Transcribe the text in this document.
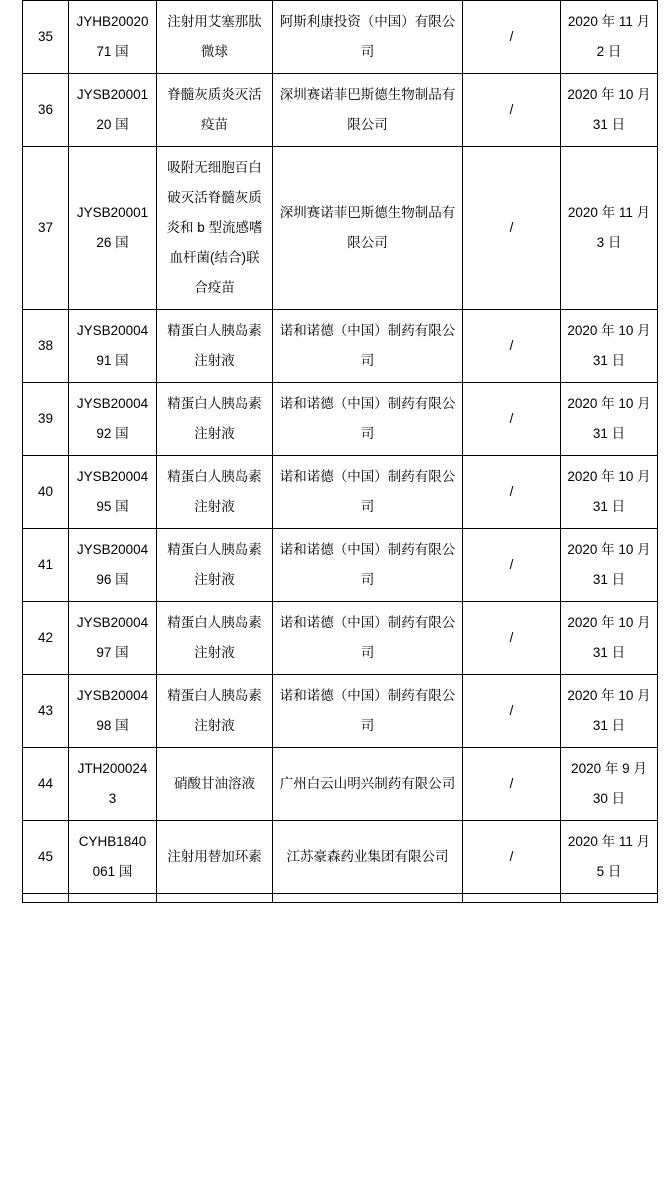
35	JYHB2002071 国	注射用艾塞那肽微球	阿斯利康投资（中国）有限公司	/	2020 年 11 月 2 日
36	JYSB2000120 国	脊髓灰质炎灭活疫苗	深圳赛诺菲巴斯德生物制品有限公司	/	2020 年 10 月 31 日
37	JYSB2000126 国	吸附无细胞百白破灭活脊髓灰质炎和 b 型流感嗜血杆菌(结合)联合疫苗	深圳赛诺菲巴斯德生物制品有限公司	/	2020 年 11 月 3 日
38	JYSB2000491 国	精蛋白人胰岛素注射液	诺和诺德（中国）制药有限公司	/	2020 年 10 月 31 日
39	JYSB2000492 国	精蛋白人胰岛素注射液	诺和诺德（中国）制药有限公司	/	2020 年 10 月 31 日
40	JYSB2000495 国	精蛋白人胰岛素注射液	诺和诺德（中国）制药有限公司	/	2020 年 10 月 31 日
41	JYSB2000496 国	精蛋白人胰岛素注射液	诺和诺德（中国）制药有限公司	/	2020 年 10 月 31 日
42	JYSB2000497 国	精蛋白人胰岛素注射液	诺和诺德（中国）制药有限公司	/	2020 年 10 月 31 日
43	JYSB2000498 国	精蛋白人胰岛素注射液	诺和诺德（中国）制药有限公司	/	2020 年 10 月 31 日
44	JTH2000243	硝酸甘油溶液	广州白云山明兴制药有限公司	/	2020 年 9 月 30 日
45	CYHB1840061 国	注射用替加环素	江苏豪森药业集团有限公司	/	2020 年 11 月 5 日
